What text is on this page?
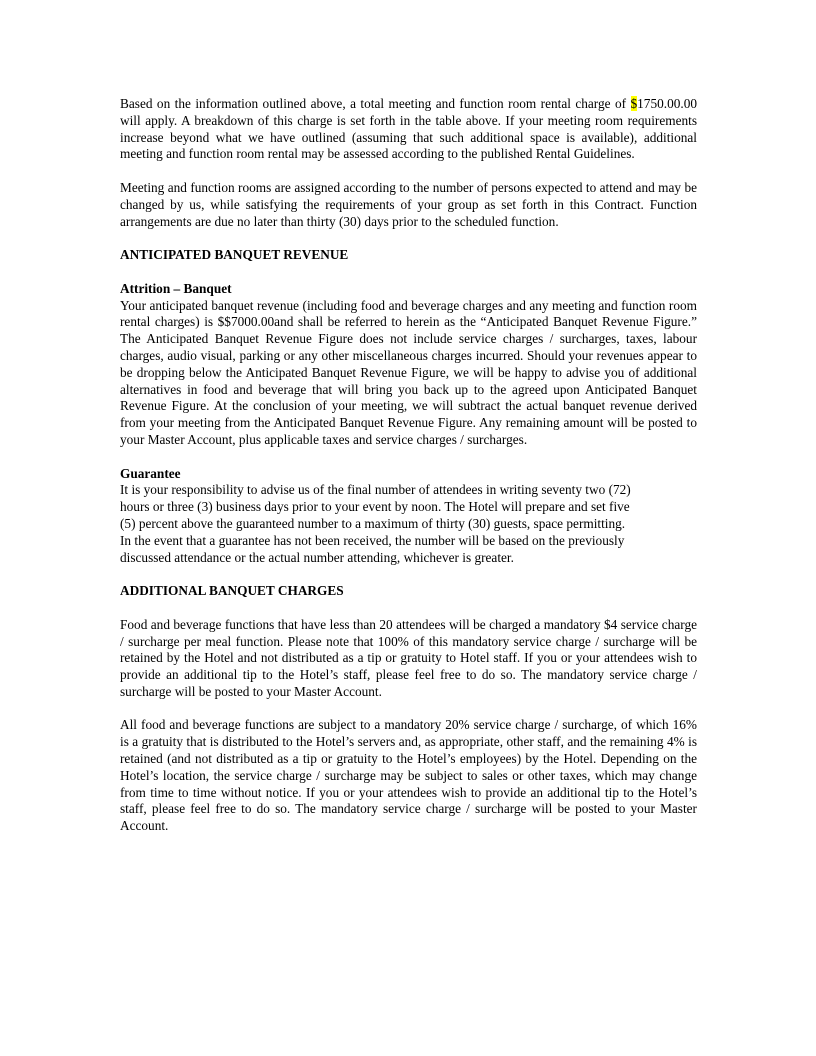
Based on the information outlined above, a total meeting and function room rental charge of $1750.00.00 will apply. A breakdown of this charge is set forth in the table above. If your meeting room requirements increase beyond what we have outlined (assuming that such additional space is available), additional meeting and function room rental may be assessed according to the published Rental Guidelines.

Meeting and function rooms are assigned according to the number of persons expected to attend and may be changed by us, while satisfying the requirements of your group as set forth in this Contract. Function arrangements are due no later than thirty (30) days prior to the scheduled function.

ANTICIPATED BANQUET REVENUE

Attrition – Banquet

Your anticipated banquet revenue (including food and beverage charges and any meeting and function room rental charges) is $$7000.00and shall be referred to herein as the “Anticipated Banquet Revenue Figure.” The Anticipated Banquet Revenue Figure does not include service charges / surcharges, taxes, labour charges, audio visual, parking or any other miscellaneous charges incurred. Should your revenues appear to be dropping below the Anticipated Banquet Revenue Figure, we will be happy to advise you of additional alternatives in food and beverage that will bring you back up to the agreed upon Anticipated Banquet Revenue Figure. At the conclusion of your meeting, we will subtract the actual banquet revenue derived from your meeting from the Anticipated Banquet Revenue Figure. Any remaining amount will be posted to your Master Account, plus applicable taxes and service charges / surcharges.

Guarantee

It is your responsibility to advise us of the final number of attendees in writing seventy two (72)
hours or three (3) business days prior to your event by noon. The Hotel will prepare and set five
(5) percent above the guaranteed number to a maximum of thirty (30) guests, space permitting.
In the event that a guarantee has not been received, the number will be based on the previously
discussed attendance or the actual number attending, whichever is greater.

ADDITIONAL BANQUET CHARGES

Food and beverage functions that have less than 20 attendees will be charged a mandatory $4 service charge / surcharge per meal function. Please note that 100% of this mandatory service charge / surcharge will be retained by the Hotel and not distributed as a tip or gratuity to Hotel staff. If you or your attendees wish to provide an additional tip to the Hotel’s staff, please feel free to do so. The mandatory service charge / surcharge will be posted to your Master Account.

All food and beverage functions are subject to a mandatory 20% service charge / surcharge, of which 16% is a gratuity that is distributed to the Hotel’s servers and, as appropriate, other staff, and the remaining 4% is retained (and not distributed as a tip or gratuity to the Hotel’s employees) by the Hotel. Depending on the Hotel’s location, the service charge / surcharge may be subject to sales or other taxes, which may change from time to time without notice. If you or your attendees wish to provide an additional tip to the Hotel’s staff, please feel free to do so. The mandatory service charge / surcharge will be posted to your Master Account.
